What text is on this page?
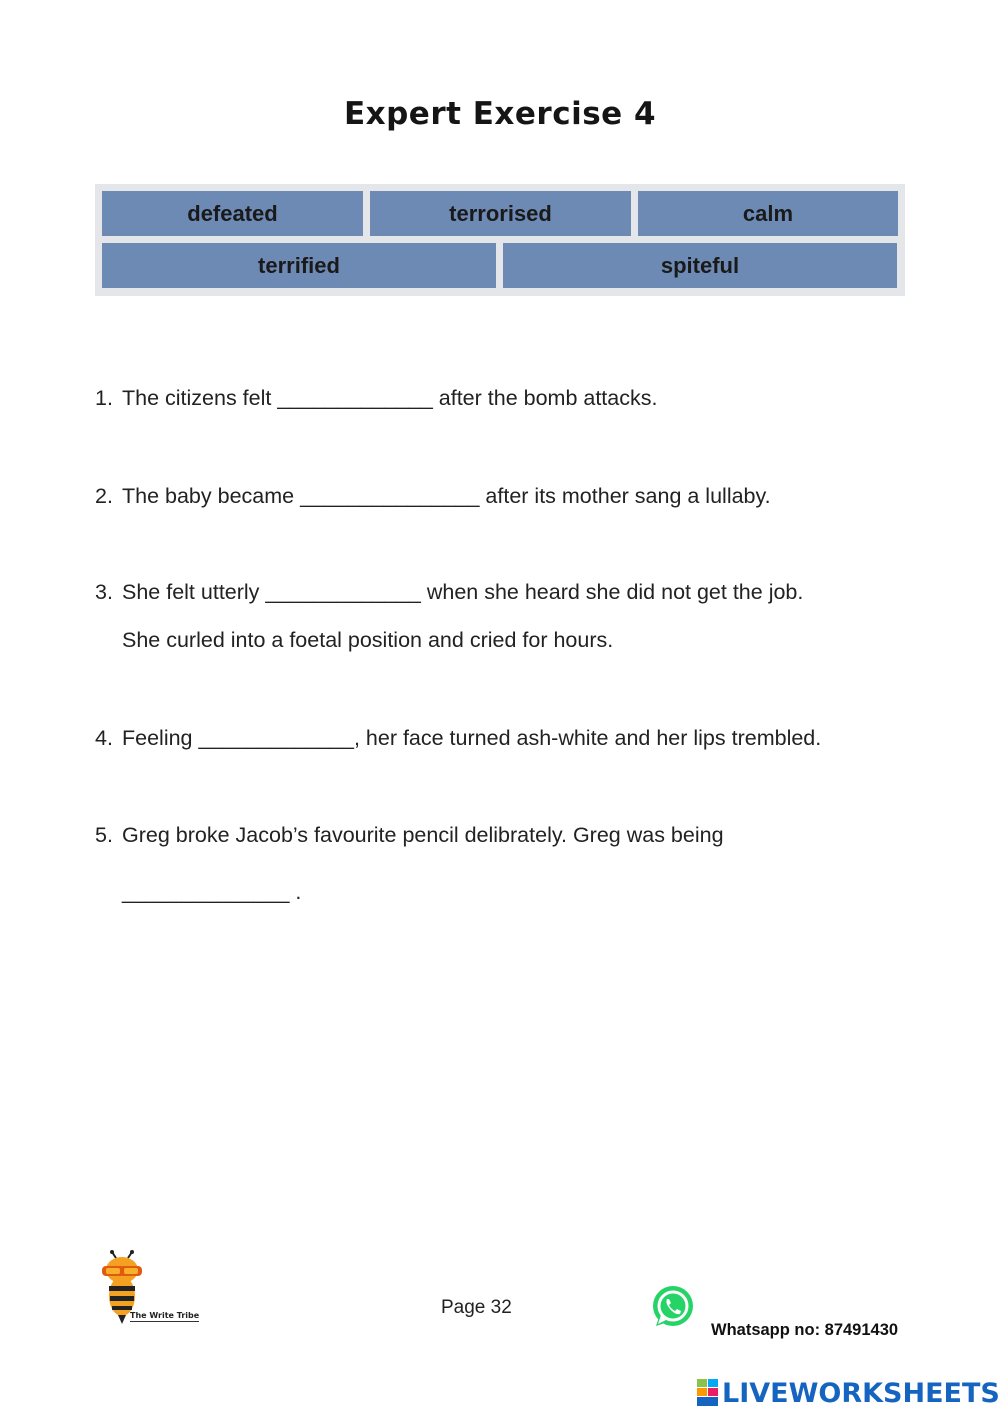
Expert Exercise 4
defeated	terrorised	calm
terrified	spiteful
1. The citizens felt _____________ after the bomb attacks.
2. The baby became _______________ after its mother sang a lullaby.
3. She felt utterly _____________ when she heard she did not get the job.
She curled into a foetal position and cried for hours.
4. Feeling _____________, her face turned ash-white and her lips trembled.
5. Greg broke Jacob’s favourite pencil delibrately. Greg was being
______________ .
The Write Tribe	Page 32
Whatsapp no: 87491430
LIVEWORKSHEETS
